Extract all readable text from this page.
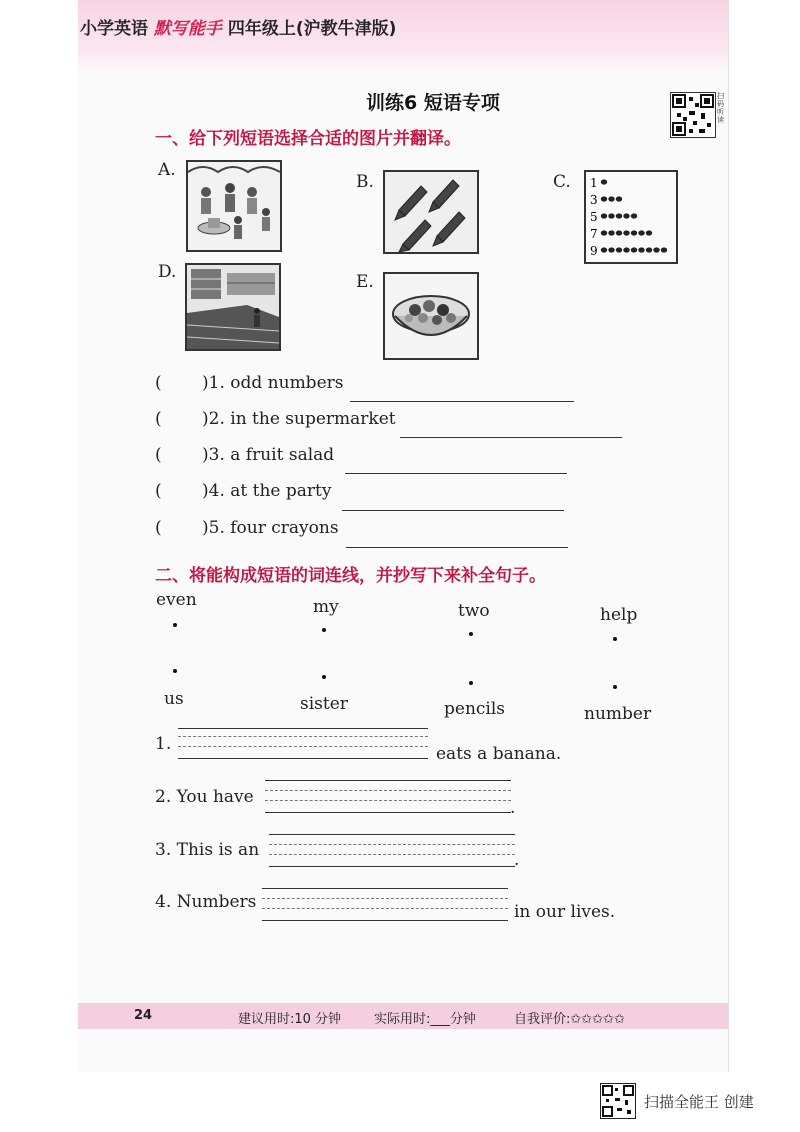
小学英语 默写能手 四年级上(沪教牛津版)
训练6 短语专项	扫码听读
一、给下列短语选择合适的图片并翻译。
A.
B.	C. 1
3
5
7
9
D.	E.
( )1. odd numbers
( )2. in the supermarket
( )3. a fruit salad
( )4. at the party
( )5. four crayons
二、将能构成短语的词连线，并抄写下来补全句子。
even	my	two	help
us	sister	pencils	number
1.	eats a banana.
2. You have
.
3. This is an	.
4. Numbers	in our lives.
24	建议用时:10 分钟	实际用时:___分钟	自我评价:✩✩✩✩✩
扫描全能王 创建
